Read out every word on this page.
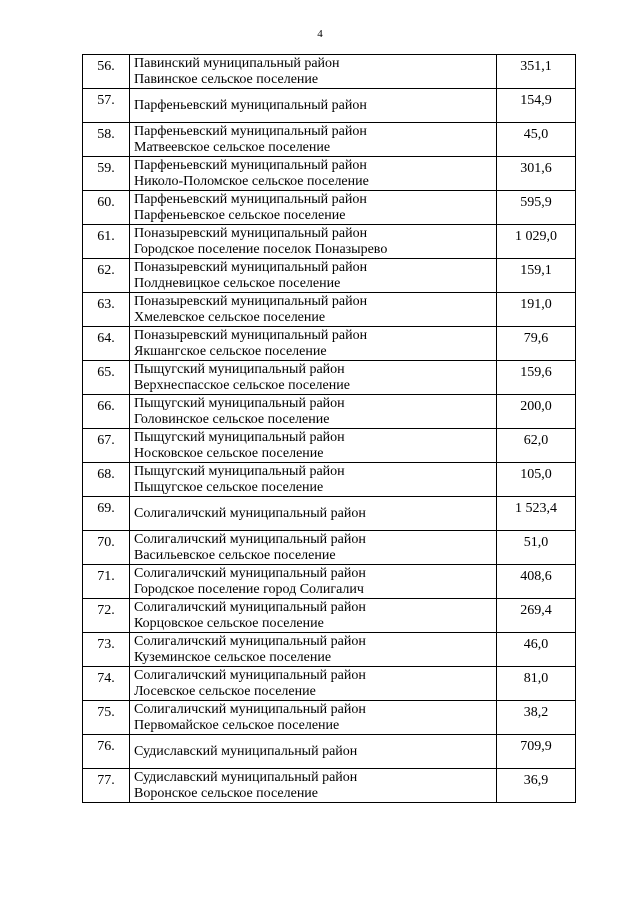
4
56.	Павинский муниципальный район
Павинское сельское поселение	351,1
57.	Парфеньевский муниципальный район	154,9
58.	Парфеньевский муниципальный район
Матвеевское сельское поселение	45,0
59.	Парфеньевский муниципальный район
Николо-Поломское сельское поселение	301,6
60.	Парфеньевский муниципальный район
Парфеньевское сельское поселение	595,9
61.	Поназыревский муниципальный район
Городское поселение поселок Поназырево	1 029,0
62.	Поназыревский муниципальный район
Полдневицкое сельское поселение	159,1
63.	Поназыревский муниципальный район
Хмелевское сельское поселение	191,0
64.	Поназыревский муниципальный район
Якшангское сельское поселение	79,6
65.	Пыщугский муниципальный район
Верхнеспасское сельское поселение	159,6
66.	Пыщугский муниципальный район
Головинское сельское поселение	200,0
67.	Пыщугский муниципальный район
Носковское сельское поселение	62,0
68.	Пыщугский муниципальный район
Пыщугское сельское поселение	105,0
69.	Солигаличский муниципальный район	1 523,4
70.	Солигаличский муниципальный район
Васильевское сельское поселение	51,0
71.	Солигаличский муниципальный район
Городское поселение город Солигалич	408,6
72.	Солигаличский муниципальный район
Корцовское сельское поселение	269,4
73.	Солигаличский муниципальный район
Куземинское сельское поселение	46,0
74.	Солигаличский муниципальный район
Лосевское сельское поселение	81,0
75.	Солигаличский муниципальный район
Первомайское сельское поселение	38,2
76.	Судиславский муниципальный район	709,9
77.	Судиславский муниципальный район
Воронское сельское поселение	36,9
